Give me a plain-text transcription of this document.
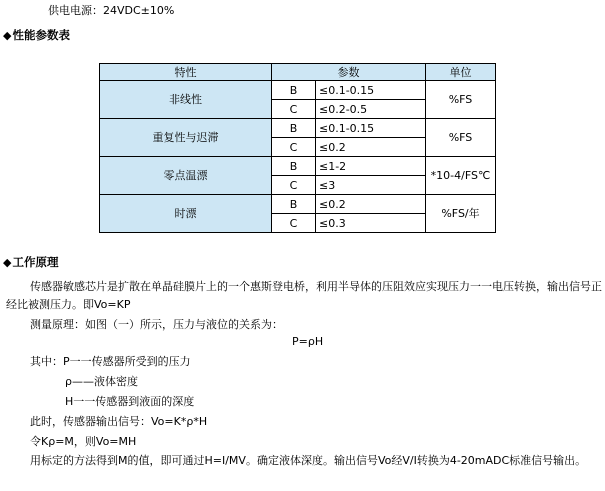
供电电源：24VDC±10%
◆性能参数表
特性	参数		单位
非线性	B	≤0.1-0.15	%FS
	C	≤0.2-0.5	
重复性与迟滞	B	≤0.1-0.15	%FS
	C	≤0.2	
零点温漂	B	≤1-2	*10-4/FS℃
	C	≤3	
时漂	B	≤0.2	%FS/年
	C	≤0.3	
◆工作原理
传感器敏感芯片是扩散在单晶硅膜片上的一个惠斯登电桥，利用半导体的压阻效应实现压力一一电压转换，输出信号正经比被测压力。即Vo=KP
测量原理：如图（一）所示，压力与液位的关系为：
P=ρH
其中：P一一传感器所受到的压力
ρ——液体密度
H一一传感器到液面的深度
此时，传感器输出信号：Vo=K*ρ*H
令Kρ=M，则Vo=MH
用标定的方法得到M的值，即可通过H=I/MV。确定液体深度。输出信号Vo经V/I转换为4-20mADC标准信号输出。
